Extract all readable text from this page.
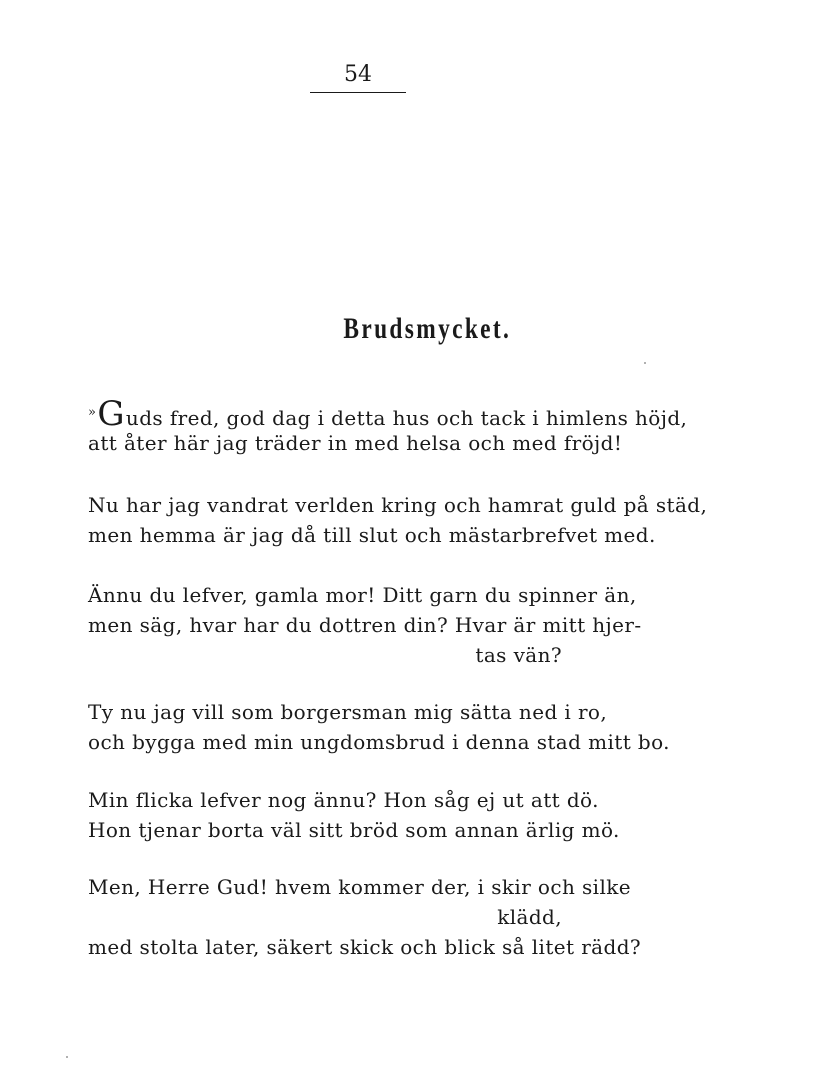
54
Brudsmycket.
»Guds fred, god dag i detta hus och tack i himlens höjd,
att åter här jag träder in med helsa och med fröjd!
Nu har jag vandrat verlden kring och hamrat guld på städ,
men hemma är jag då till slut och mästarbrefvet med.
Ännu du lefver, gamla mor! Ditt garn du spinner än,
men säg, hvar har du dottren din? Hvar är mitt hjer-
tas vän?
Ty nu jag vill som borgersman mig sätta ned i ro,
och bygga med min ungdomsbrud i denna stad mitt bo.
Min flicka lefver nog ännu? Hon såg ej ut att dö.
Hon tjenar borta väl sitt bröd som annan ärlig mö.
Men, Herre Gud! hvem kommer der, i skir och silke
klädd,
med stolta later, säkert skick och blick så litet rädd?
